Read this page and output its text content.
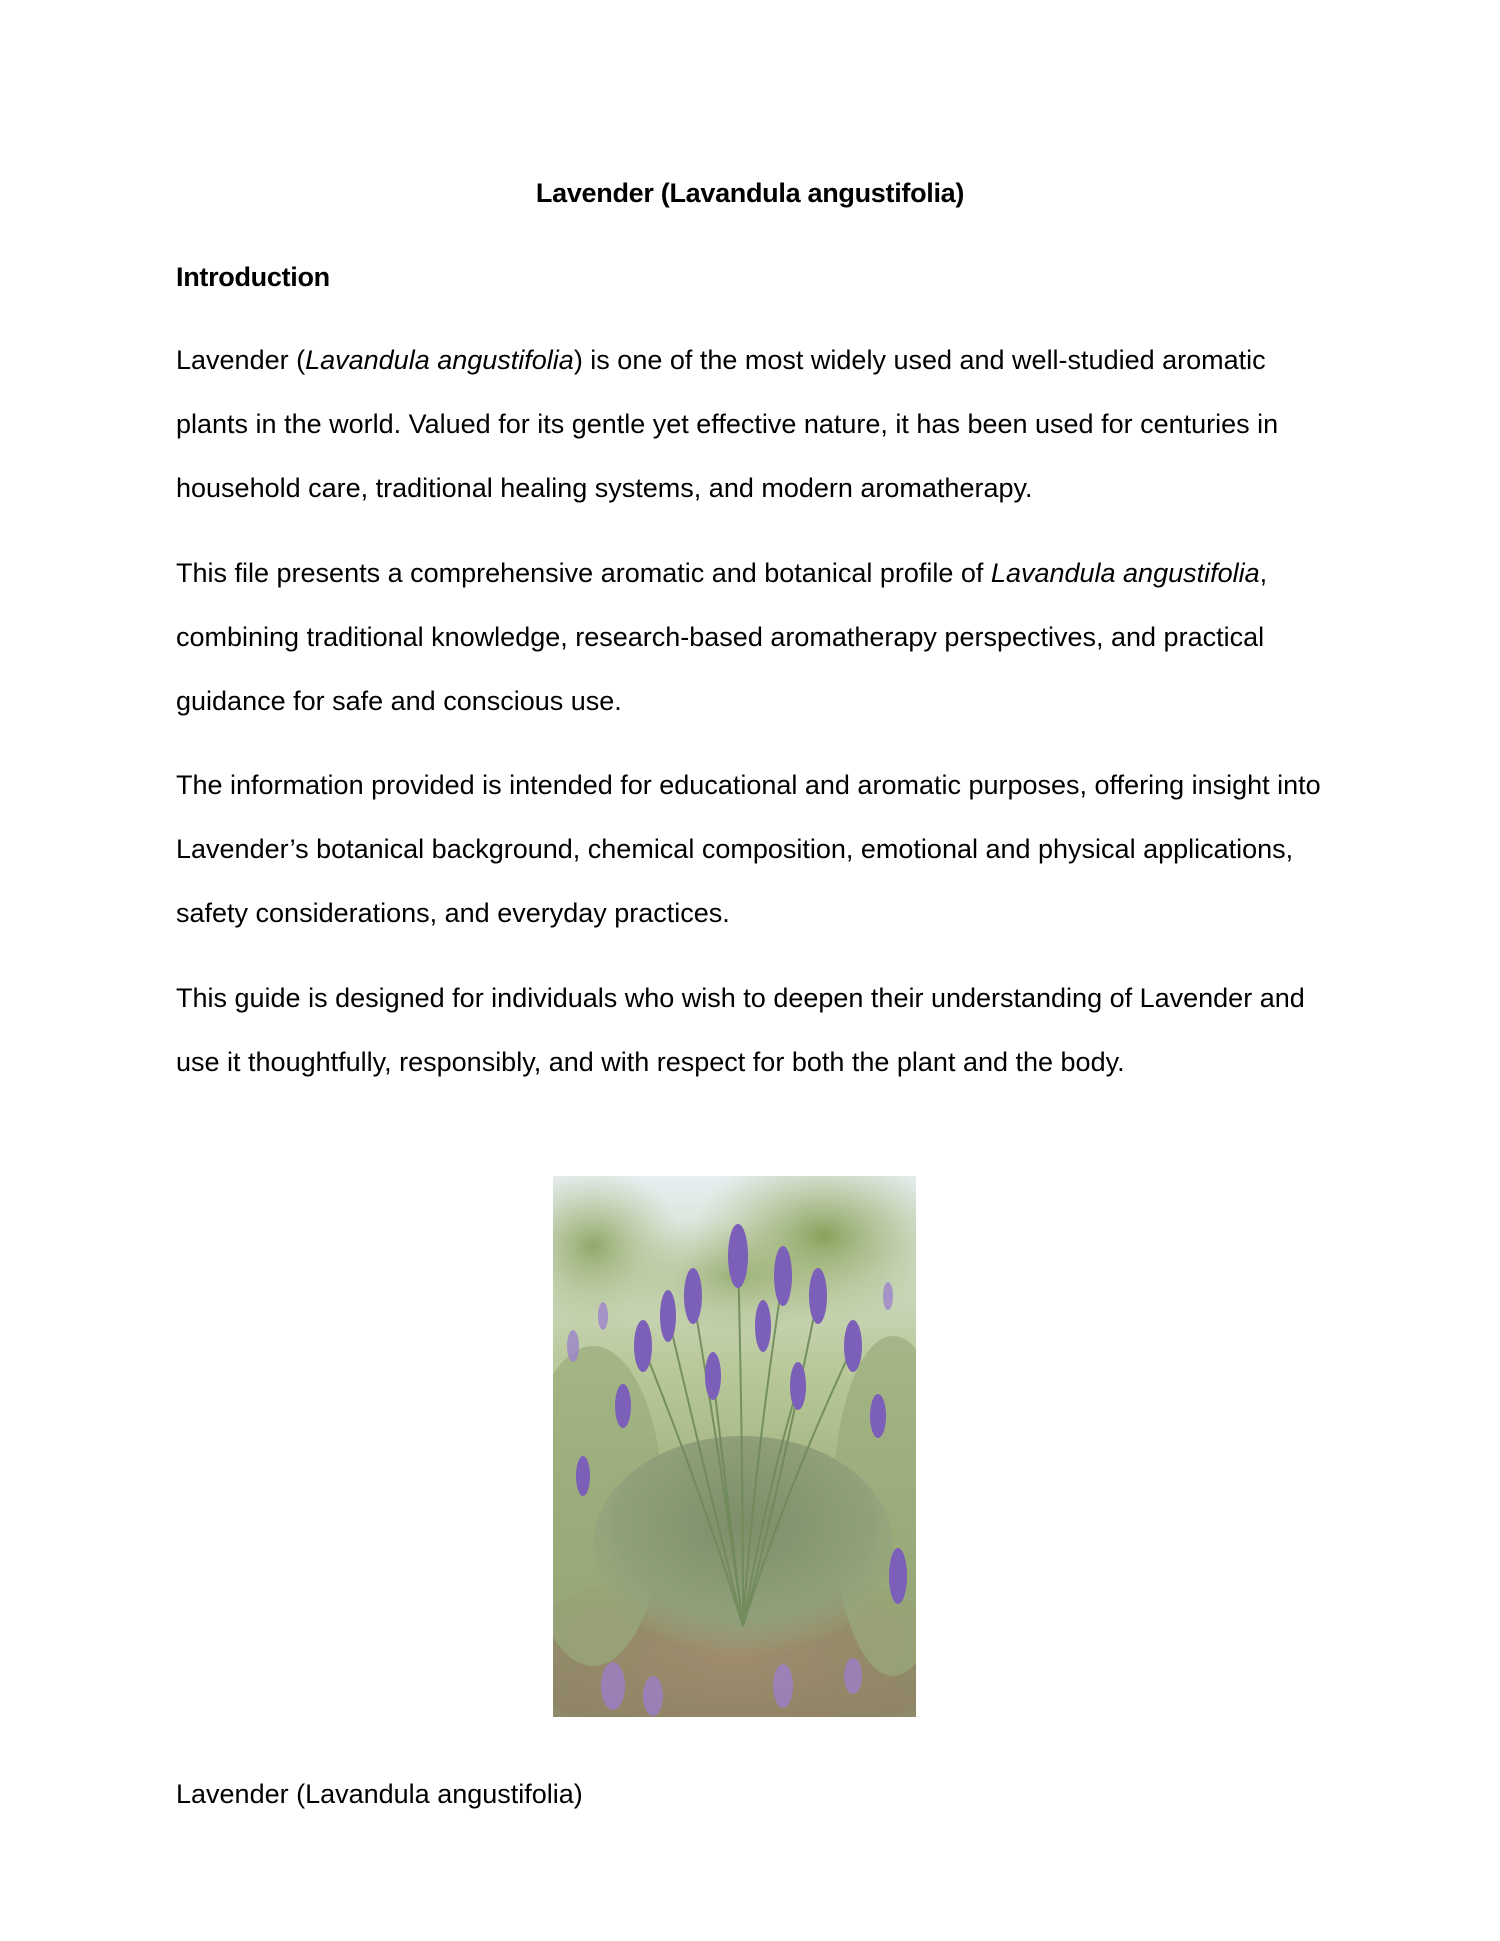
Lavender (Lavandula angustifolia)
Introduction

Lavender (Lavandula angustifolia) is one of the most widely used and well-studied aromatic
plants in the world. Valued for its gentle yet effective nature, it has been used for centuries in
household care, traditional healing systems, and modern aromatherapy.

This file presents a comprehensive aromatic and botanical profile of Lavandula angustifolia,
combining traditional knowledge, research-based aromatherapy perspectives, and practical
guidance for safe and conscious use.

The information provided is intended for educational and aromatic purposes, offering insight into
Lavender’s botanical background, chemical composition, emotional and physical applications,
safety considerations, and everyday practices.

This guide is designed for individuals who wish to deepen their understanding of Lavender and
use it thoughtfully, responsibly, and with respect for both the plant and the body.

Lavender (Lavandula angustifolia)
